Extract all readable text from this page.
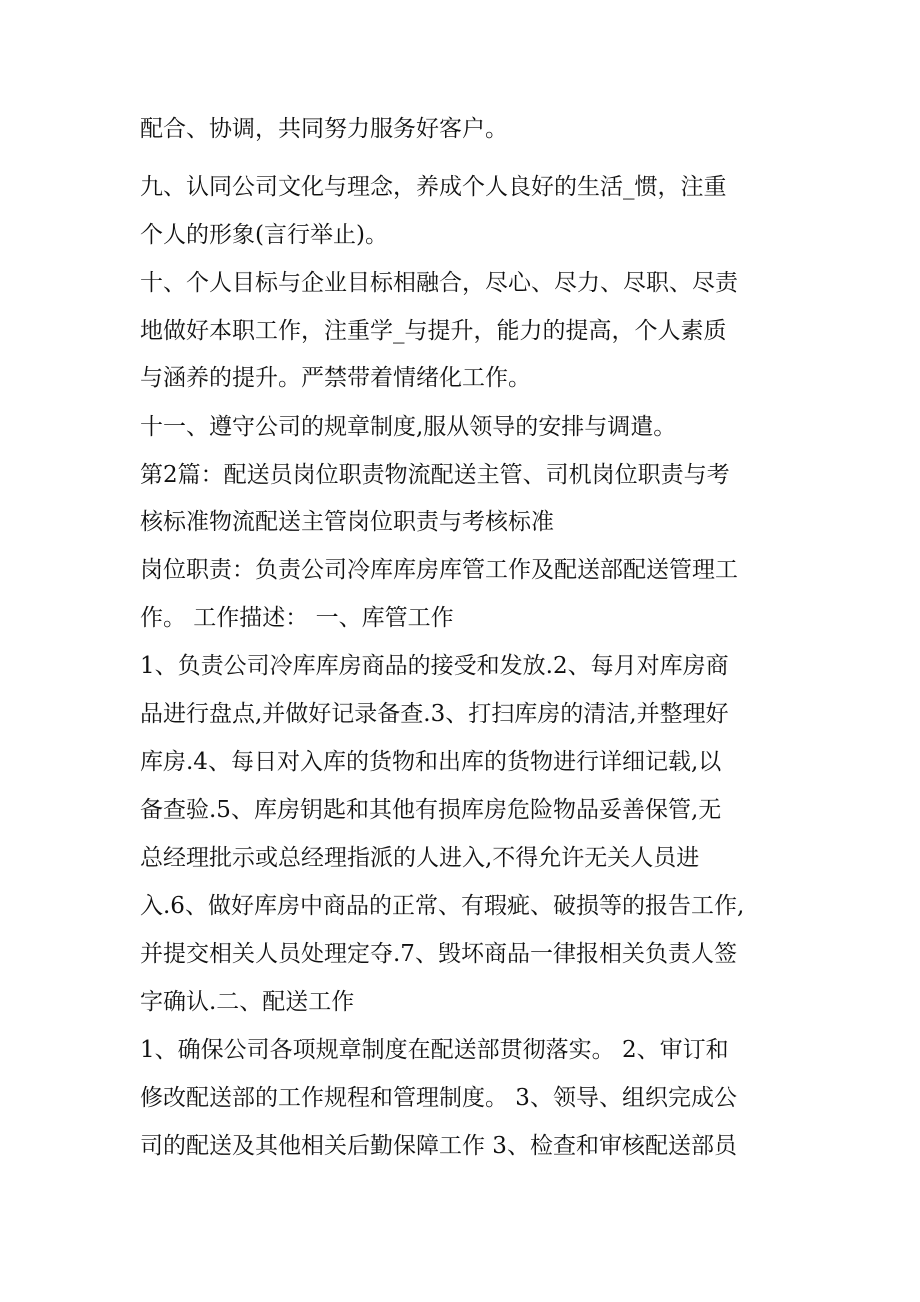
配合、协调，共同努力服务好客户。

九、认同公司文化与理念，养成个人良好的生活_惯，注重

个人的形象(言行举止)。

十、个人目标与企业目标相融合，尽心、尽力、尽职、尽责

地做好本职工作，注重学_与提升，能力的提高，个人素质

与涵养的提升。严禁带着情绪化工作。

十一、遵守公司的规章制度,服从领导的安排与调遣。

第2篇：配送员岗位职责物流配送主管、司机岗位职责与考

核标准物流配送主管岗位职责与考核标准

岗位职责：负责公司冷库库房库管工作及配送部配送管理工

作。 工作描述： 一、库管工作

1、负责公司冷库库房商品的接受和发放.2、每月对库房商

品进行盘点,并做好记录备查.3、打扫库房的清洁,并整理好

库房.4、每日对入库的货物和出库的货物进行详细记载,以

备查验.5、库房钥匙和其他有损库房危险物品妥善保管,无

总经理批示或总经理指派的人进入,不得允许无关人员进

入.6、做好库房中商品的正常、有瑕疵、破损等的报告工作,

并提交相关人员处理定夺.7、毁坏商品一律报相关负责人签

字确认.二、配送工作

1、确保公司各项规章制度在配送部贯彻落实。 2、审订和

修改配送部的工作规程和管理制度。 3、领导、组织完成公

司的配送及其他相关后勤保障工作 3、检查和审核配送部员
